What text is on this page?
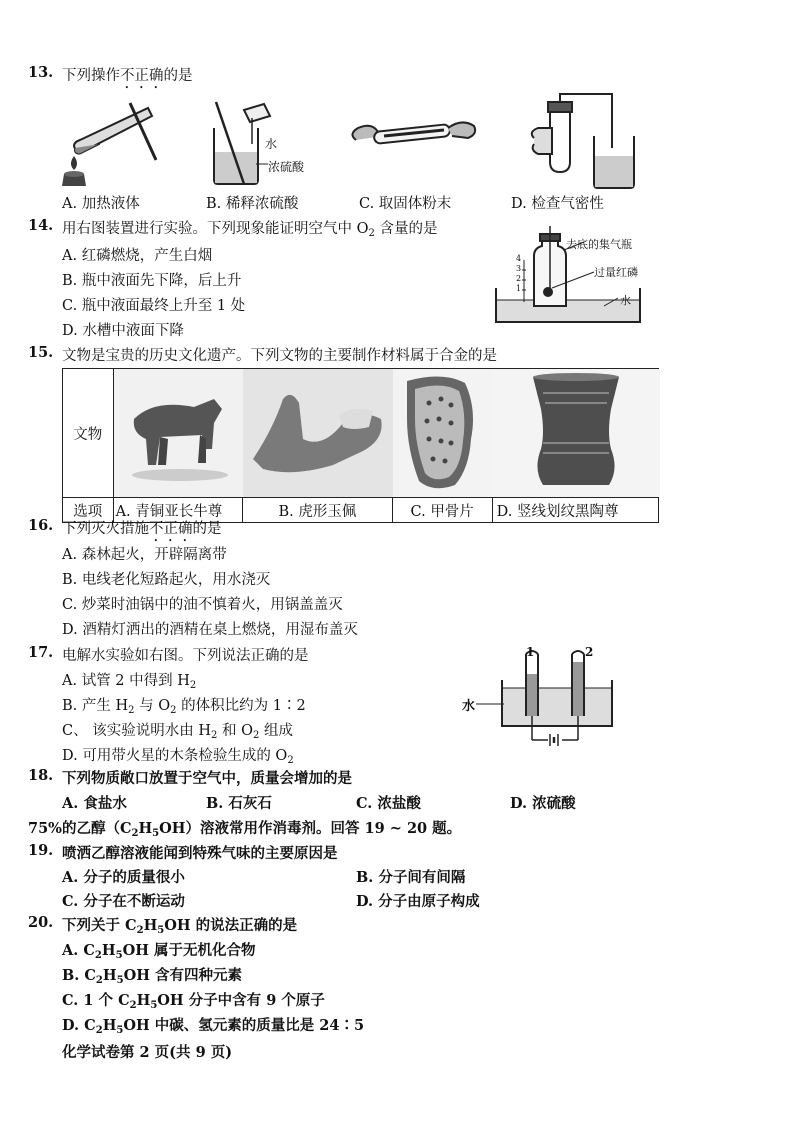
13. 下列操作不正确的是
水
浓硫酸
A. 加热液体	B. 稀释浓硫酸	C. 取固体粉末	D. 检查气密性
14. 用右图装置进行实验。下列现象能证明空气中 $O_2$ 含量的是
A. 红磷燃烧，产生白烟
B. 瓶中液面先下降，后上升
C. 瓶中液面最终上升至 1 处
D. 水槽中液面下降
去底的集气瓶
过量红磷
水
4
3
2
1
15. 文物是宝贵的历史文化遗产。下列文物的主要制作材料属于合金的是
文物	

选项	A. 青铜亚长牛尊	B. 虎形玉佩	C. 甲骨片	D. 竖线划纹黑陶尊
16. 下列灭火措施不正确的是
A. 森林起火，开辟隔离带
B. 电线老化短路起火，用水浇灭
C. 炒菜时油锅中的油不慎着火，用锅盖盖灭
D. 酒精灯洒出的酒精在桌上燃烧，用湿布盖灭
17. 电解水实验如右图。下列说法正确的是
A. 试管 2 中得到 $H_2$
B. 产生 $H_2$ 与 $O_2$ 的体积比约为 1∶2
C、 该实验说明水由 $H_2$ 和 $O_2$ 组成
D. 可用带火星的木条检验生成的 $O_2$
1	2
水
18. 下列物质敞口放置于空气中，质量会增加的是
A. 食盐水	B. 石灰石	C. 浓盐酸	D. 浓硫酸
75%的乙醇$(C_2H_5OH)$溶液常用作消毒剂。回答 19 ~ 20 题。
19. 喷洒乙醇溶液能闻到特殊气味的主要原因是
A. 分子的质量很小	B. 分子间有间隔
C. 分子在不断运动	D. 分子由原子构成
20. 下列关于 $C_2H_5OH$ 的说法正确的是
A. $C_2H_5OH$ 属于无机化合物
B. $C_2H_5OH$ 含有四种元素
C. 1 个 $C_2H_5OH$ 分子中含有 9 个原子
D. $C_2H_5OH$ 中碳、氢元素的质量比是 24∶5
化学试卷第 2 页(共 9 页)
